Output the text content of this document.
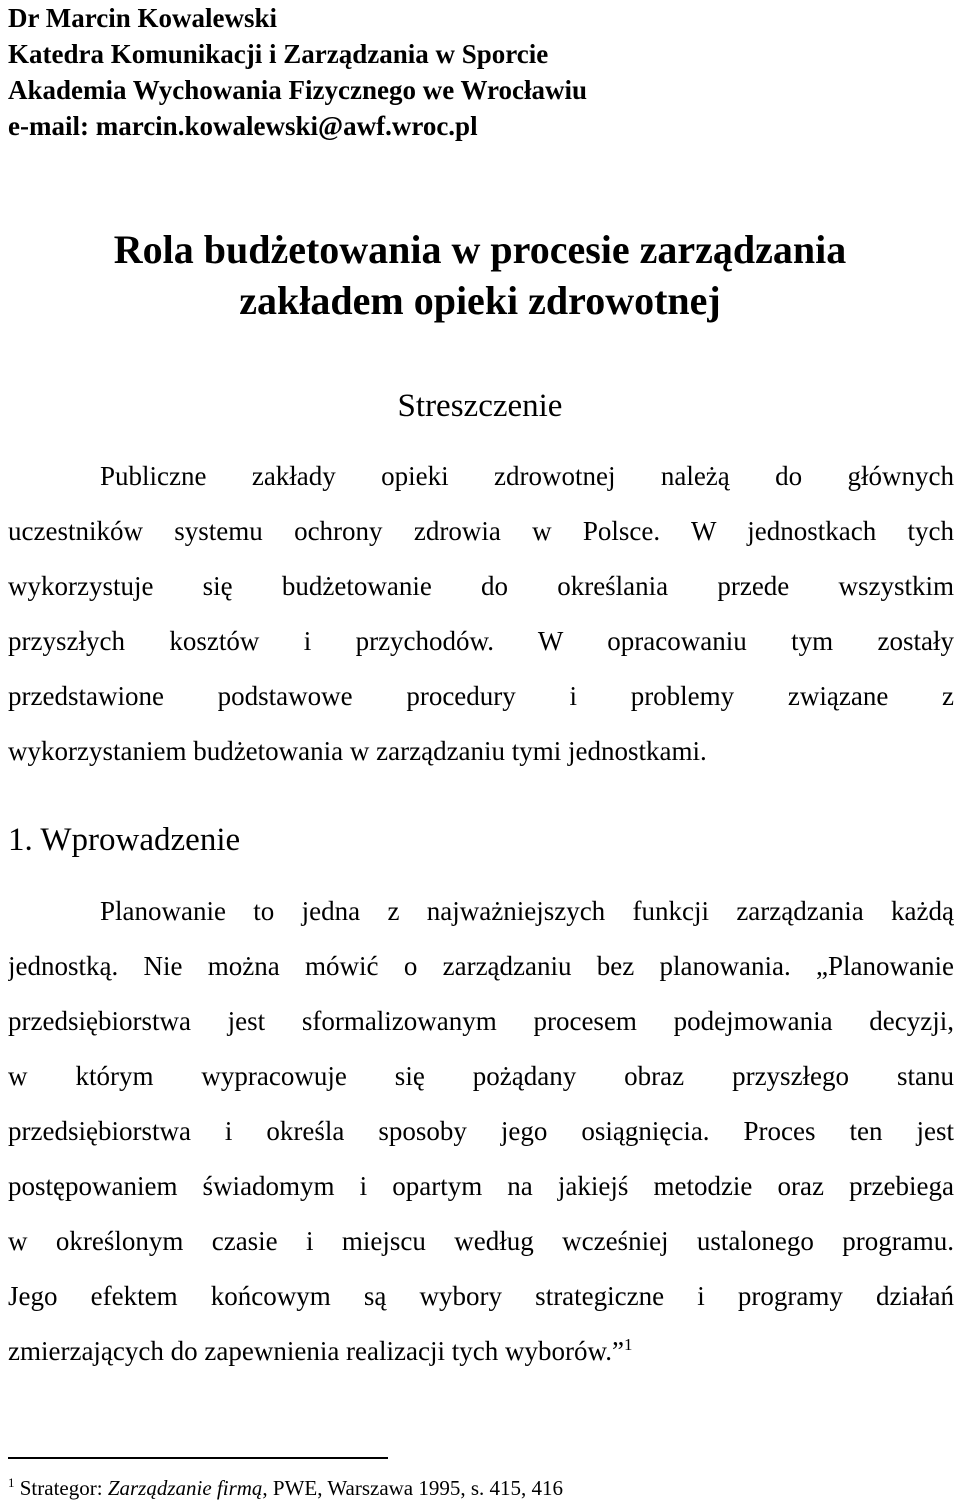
Dr Marcin Kowalewski
Katedra Komunikacji i Zarządzania w Sporcie
Akademia Wychowania Fizycznego we Wrocławiu
e-mail: marcin.kowalewski@awf.wroc.pl
Rola budżetowania w procesie zarządzania
zakładem opieki zdrowotnej
Streszczenie
Publiczne zakłady opieki zdrowotnej należą do głównych
uczestników systemu ochrony zdrowia w Polsce. W jednostkach tych
wykorzystuje się budżetowanie do określania przede wszystkim
przyszłych kosztów i przychodów. W opracowaniu tym zostały
przedstawione podstawowe procedury i problemy związane z
wykorzystaniem budżetowania w zarządzaniu tymi jednostkami.
1. Wprowadzenie
Planowanie to jedna z najważniejszych funkcji zarządzania każdą
jednostką. Nie można mówić o zarządzaniu bez planowania. „Planowanie
przedsiębiorstwa jest sformalizowanym procesem podejmowania decyzji,
w którym wypracowuje się pożądany obraz przyszłego stanu
przedsiębiorstwa i określa sposoby jego osiągnięcia. Proces ten jest
postępowaniem świadomym i opartym na jakiejś metodzie oraz przebiega
w określonym czasie i miejscu według wcześniej ustalonego programu.
Jego efektem końcowym są wybory strategiczne i programy działań
zmierzających do zapewnienia realizacji tych wyborów.”$^1$
$^1$ Strategor: Zarządzanie firmą, PWE, Warszawa 1995, s. 415, 416
